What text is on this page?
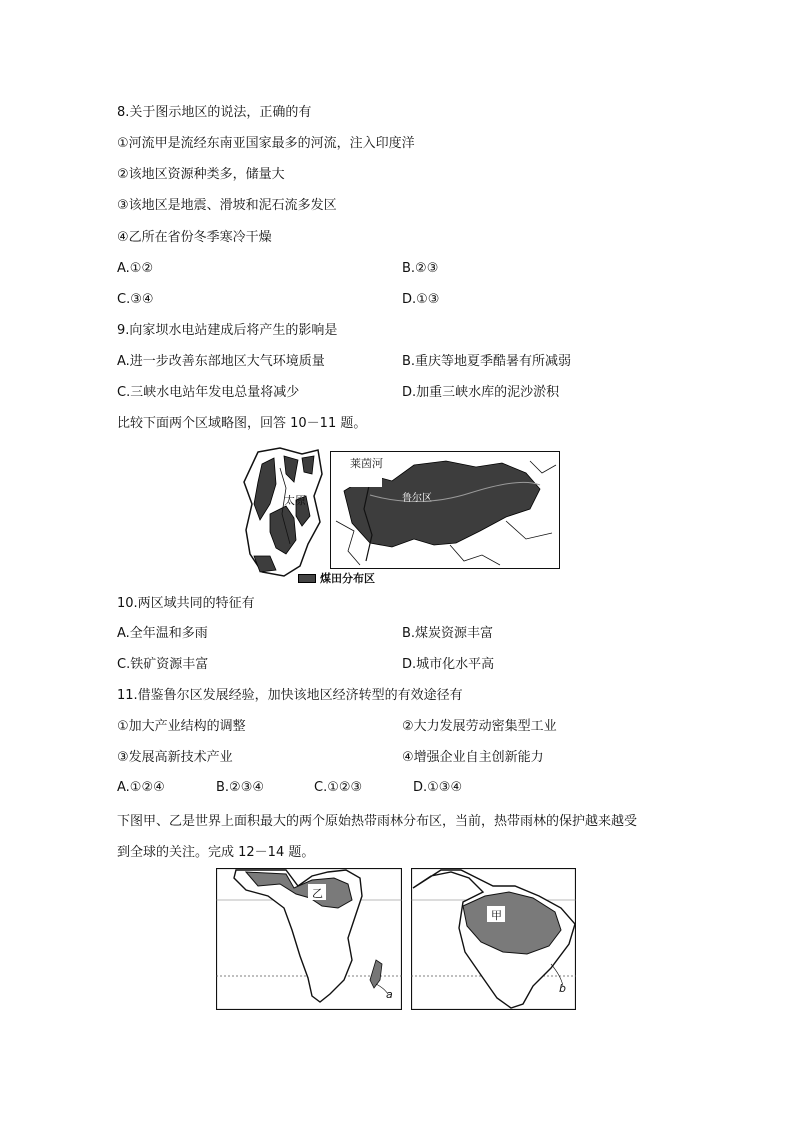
8.关于图示地区的说法，正确的有
①河流甲是流经东南亚国家最多的河流，注入印度洋
②该地区资源种类多，储量大
③该地区是地震、滑坡和泥石流多发区
④乙所在省份冬季寒冷干燥
A.①②	B.②③
C.③④	D.①③
9.向家坝水电站建成后将产生的影响是
A.进一步改善东部地区大气环境质量	B.重庆等地夏季酷暑有所减弱
C.三峡水电站年发电总量将减少	D.加重三峡水库的泥沙淤积
比较下面两个区域略图，回答 10－11 题。
太原
莱茵河
鲁尔区
煤田分布区
10.两区域共同的特征有
A.全年温和多雨	B.煤炭资源丰富
C.铁矿资源丰富	D.城市化水平高
11.借鉴鲁尔区发展经验，加快该地区经济转型的有效途径有
①加大产业结构的调整	②大力发展劳动密集型工业
③发展高新技术产业	④增强企业自主创新能力
A.①②④	B.②③④	C.①②③	D.①③④
下图甲、乙是世界上面积最大的两个原始热带雨林分布区，当前，热带雨林的保护越来越受
到全球的关注。完成 12－14 题。
乙
a
甲
b
